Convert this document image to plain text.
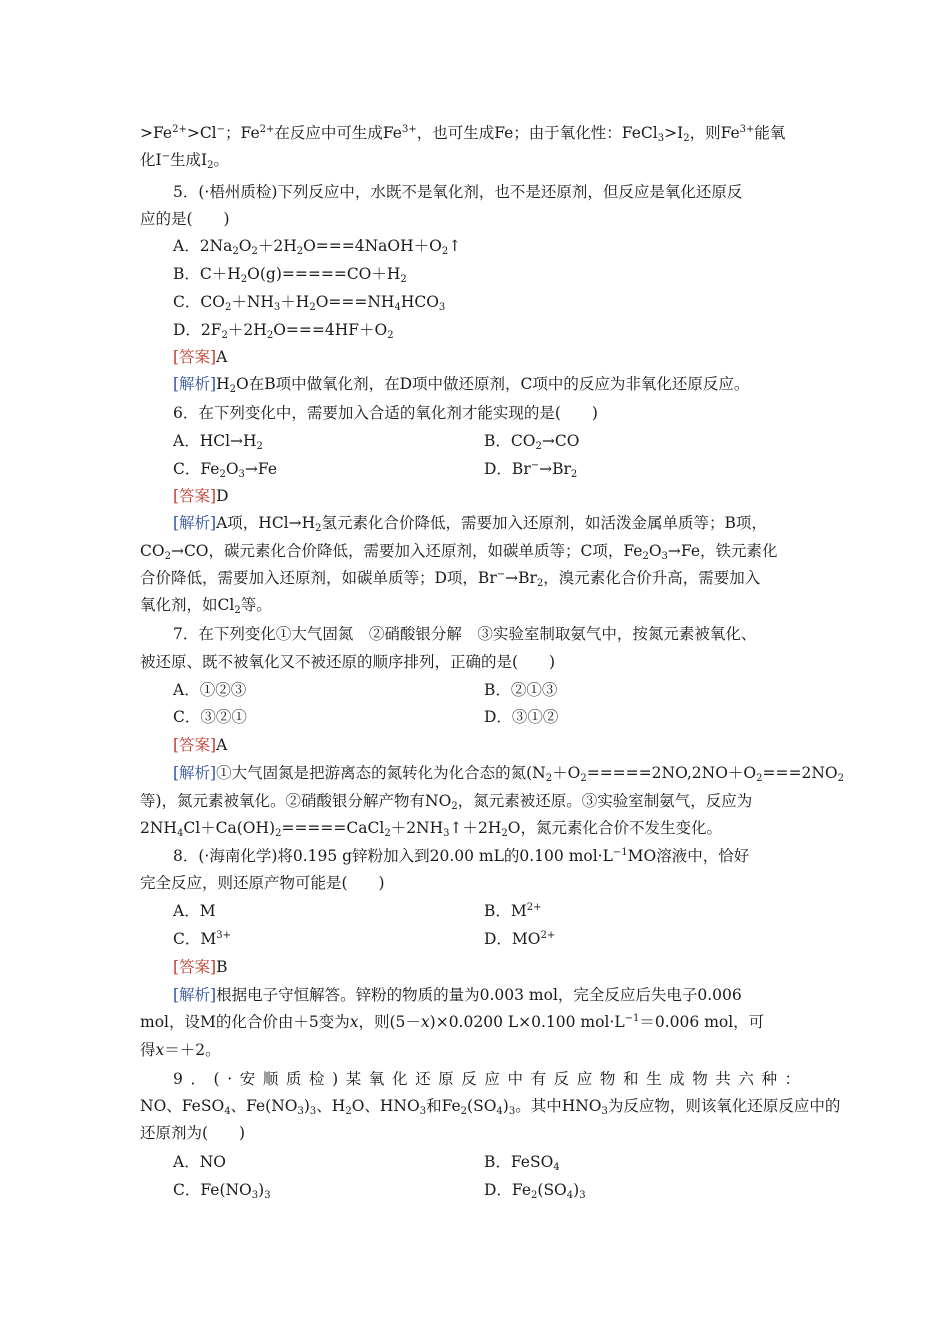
$>Fe^{2+}>Cl^-$；$Fe^{2+}$在反应中可生成$Fe^{3+}$，也可生成Fe；由于氧化性：$FeCl_3>I_2$，则$Fe^{3+}$能氧
化I−生成$I_2$。
5．(·梧州质检)下列反应中，水既不是氧化剂，也不是还原剂，但反应是氧化还原反
应的是(　　)
A．$2Na_2O_2+2H_2O===4NaOH+O_2↑$
B．$C+H_2O(g)=====CO+H_2$
C．$CO_2+NH_3+H_2O===NH_4HCO_3$
D．$2F_2+2H_2O===4HF+O_2$
[答案]A
[解析]$H_2O$在B项中做氧化剂，在D项中做还原剂，C项中的反应为非氧化还原反应。
6．在下列变化中，需要加入合适的氧化剂才能实现的是(　　)
A．$HCl\to H_2$	B．$CO_2\to CO$
C．$Fe_2O_3\to Fe$	D．$Br^-\to Br_2$
[答案]D
[解析]A项，$HCl\to H_2$氢元素化合价降低，需要加入还原剂，如活泼金属单质等；B项，
$CO_2\to CO$，碳元素化合价降低，需要加入还原剂，如碳单质等；C项，$Fe_2O_3\to Fe$，铁元素化
合价降低，需要加入还原剂，如碳单质等；D项，$Br^-\to Br_2$，溴元素化合价升高，需要加入
氧化剂，如$Cl_2$等。
7．在下列变化①大气固氮　②硝酸银分解　③实验室制取氨气中，按氮元素被氧化、
被还原、既不被氧化又不被还原的顺序排列，正确的是(　　)
A．①②③	B．②①③
C．③②①	D．③①②
[答案]A
[解析]①大气固氮是把游离态的氮转化为化合态的氮($N_2+O_2=====2NO,2NO+O_2===2NO_2$
等)，氮元素被氧化。②硝酸银分解产物有$NO_2$，氮元素被还原。③实验室制氨气，反应为
$2NH_4Cl+Ca(OH)_2=====CaCl_2+2NH_3↑+2H_2O$，氮元素化合价不发生变化。
8．(·海南化学)将0.195 g锌粉加入到20.00 mL的0.100 $mol\cdot L^{-1}MO$溶液中，恰好
完全反应，则还原产物可能是(　　)
A．M	B．$M^{2+}$
C．$M^{3+}$	D．$MO^{2+}$
[答案]B
[解析]根据电子守恒解答。锌粉的物质的量为0.003 mol，完全反应后失电子0.006
mol，设M的化合价由＋5变为x，则(5－x)×0.0200 L×0.100 $mol\cdot L^{-1}=0.006$ mol，可
得x＝＋2。
9．(·安顺质检)某氧化还原反应中有反应物和生成物共六种：
NO、FeSO$_4$、$Fe(NO_3)_3$、$H_2O$、$HNO_3$和$Fe_2(SO_4)_3$。其中$HNO_3$为反应物，则该氧化还原反应中的
还原剂为(　　)
A．NO	B．FeSO$_4$
C．$Fe(NO_3)_3$	D．$Fe_2(SO_4)_3$
